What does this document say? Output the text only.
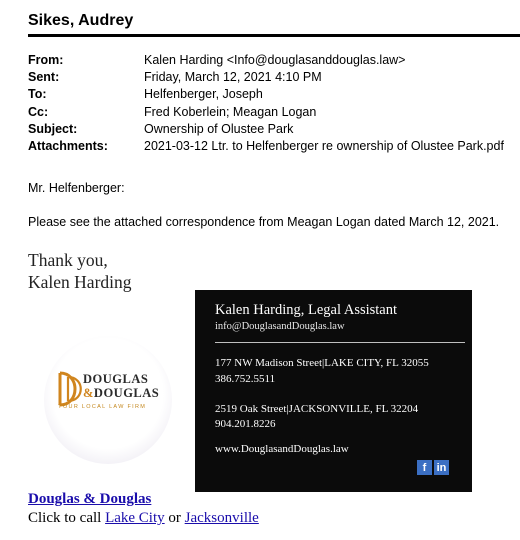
Sikes, Audrey
From:	Kalen Harding <Info@douglasanddouglas.law>
Sent:	Friday, March 12, 2021 4:10 PM
To:	Helfenberger, Joseph
Cc:	Fred Koberlein; Meagan Logan
Subject:	Ownership of Olustee Park
Attachments:	2021-03-12 Ltr. to Helfenberger re ownership of Olustee Park.pdf
Mr. Helfenberger:
Please see the attached correspondence from Meagan Logan dated March 12, 2021.
Thank you,
Kalen Harding
DOUGLAS
&DOUGLAS
YOUR LOCAL LAW FIRM
Kalen Harding, Legal Assistant
info@DouglasandDouglas.law
177 NW Madison Street|LAKE CITY, FL 32055
386.752.5511
2519 Oak Street|JACKSONVILLE, FL 32204
904.201.8226
www.DouglasandDouglas.law
f in
Douglas & Douglas
Click to call Lake City or Jacksonville
